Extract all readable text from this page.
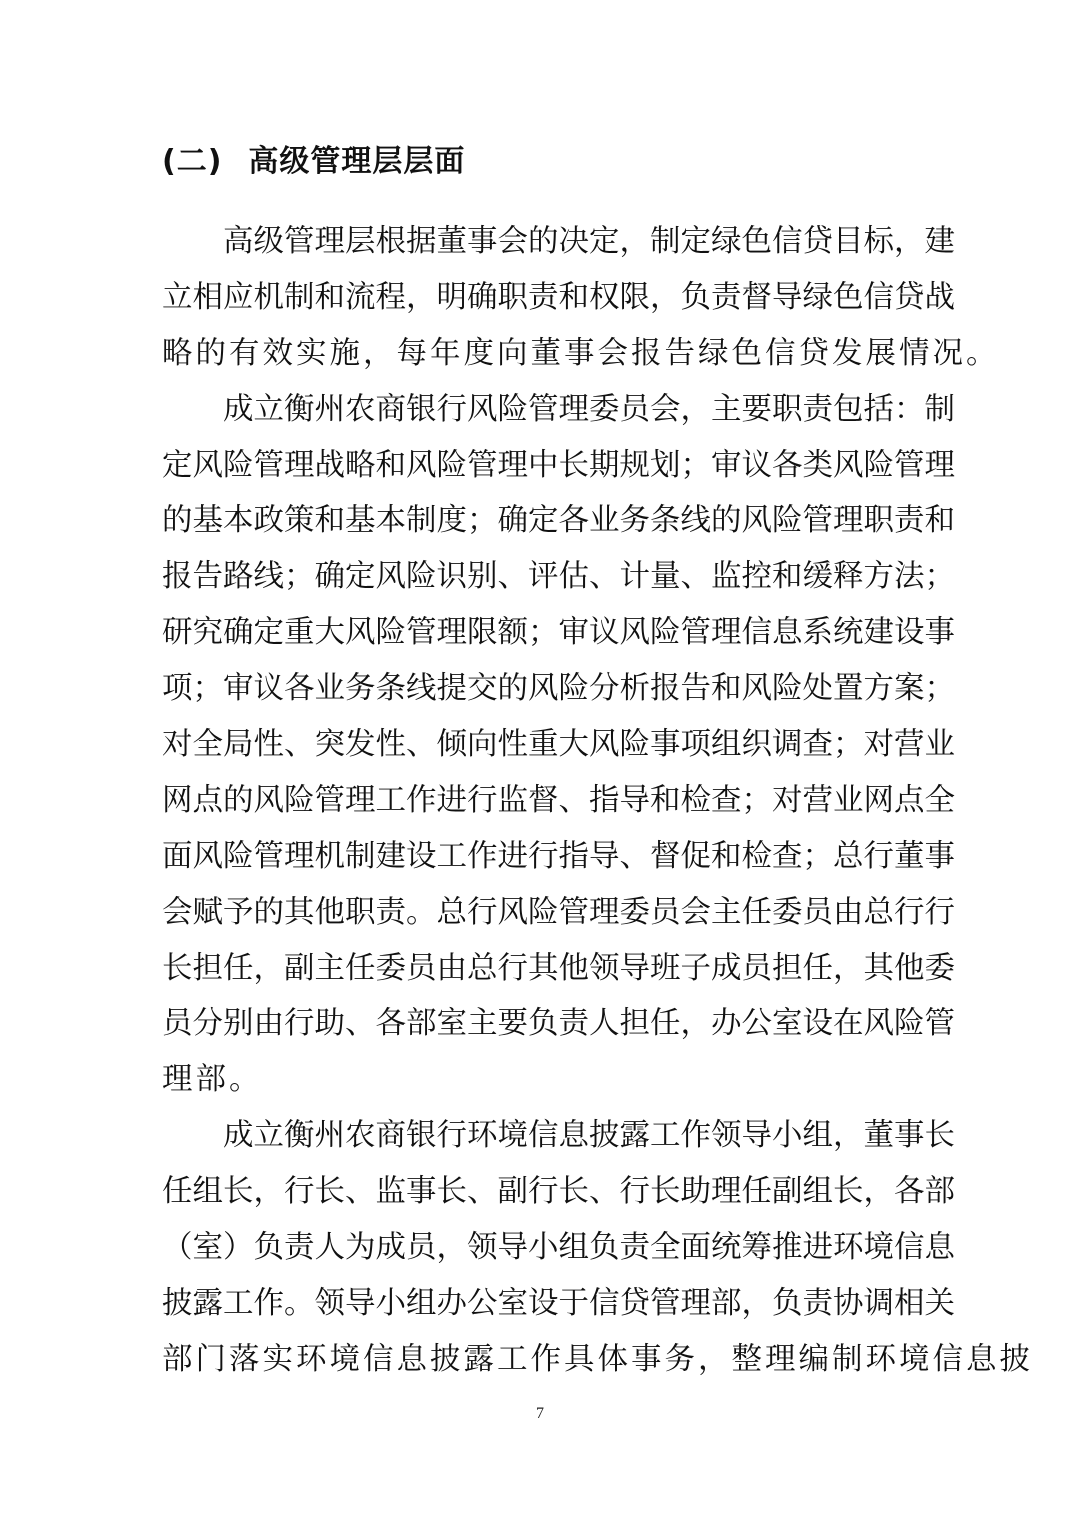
(二) 高级管理层层面
高级管理层根据董事会的决定，制定绿色信贷目标，建
立相应机制和流程，明确职责和权限，负责督导绿色信贷战
略的有效实施，每年度向董事会报告绿色信贷发展情况。
成立衡州农商银行风险管理委员会，主要职责包括：制
定风险管理战略和风险管理中长期规划；审议各类风险管理
的基本政策和基本制度；确定各业务条线的风险管理职责和
报告路线；确定风险识别、评估、计量、监控和缓释方法；
研究确定重大风险管理限额；审议风险管理信息系统建设事
项；审议各业务条线提交的风险分析报告和风险处置方案；
对全局性、突发性、倾向性重大风险事项组织调查；对营业
网点的风险管理工作进行监督、指导和检查；对营业网点全
面风险管理机制建设工作进行指导、督促和检查；总行董事
会赋予的其他职责。总行风险管理委员会主任委员由总行行
长担任，副主任委员由总行其他领导班子成员担任，其他委
员分别由行助、各部室主要负责人担任，办公室设在风险管
理部。
成立衡州农商银行环境信息披露工作领导小组，董事长
任组长，行长、监事长、副行长、行长助理任副组长，各部
（室）负责人为成员，领导小组负责全面统筹推进环境信息
披露工作。领导小组办公室设于信贷管理部，负责协调相关
部门落实环境信息披露工作具体事务，整理编制环境信息披
7
